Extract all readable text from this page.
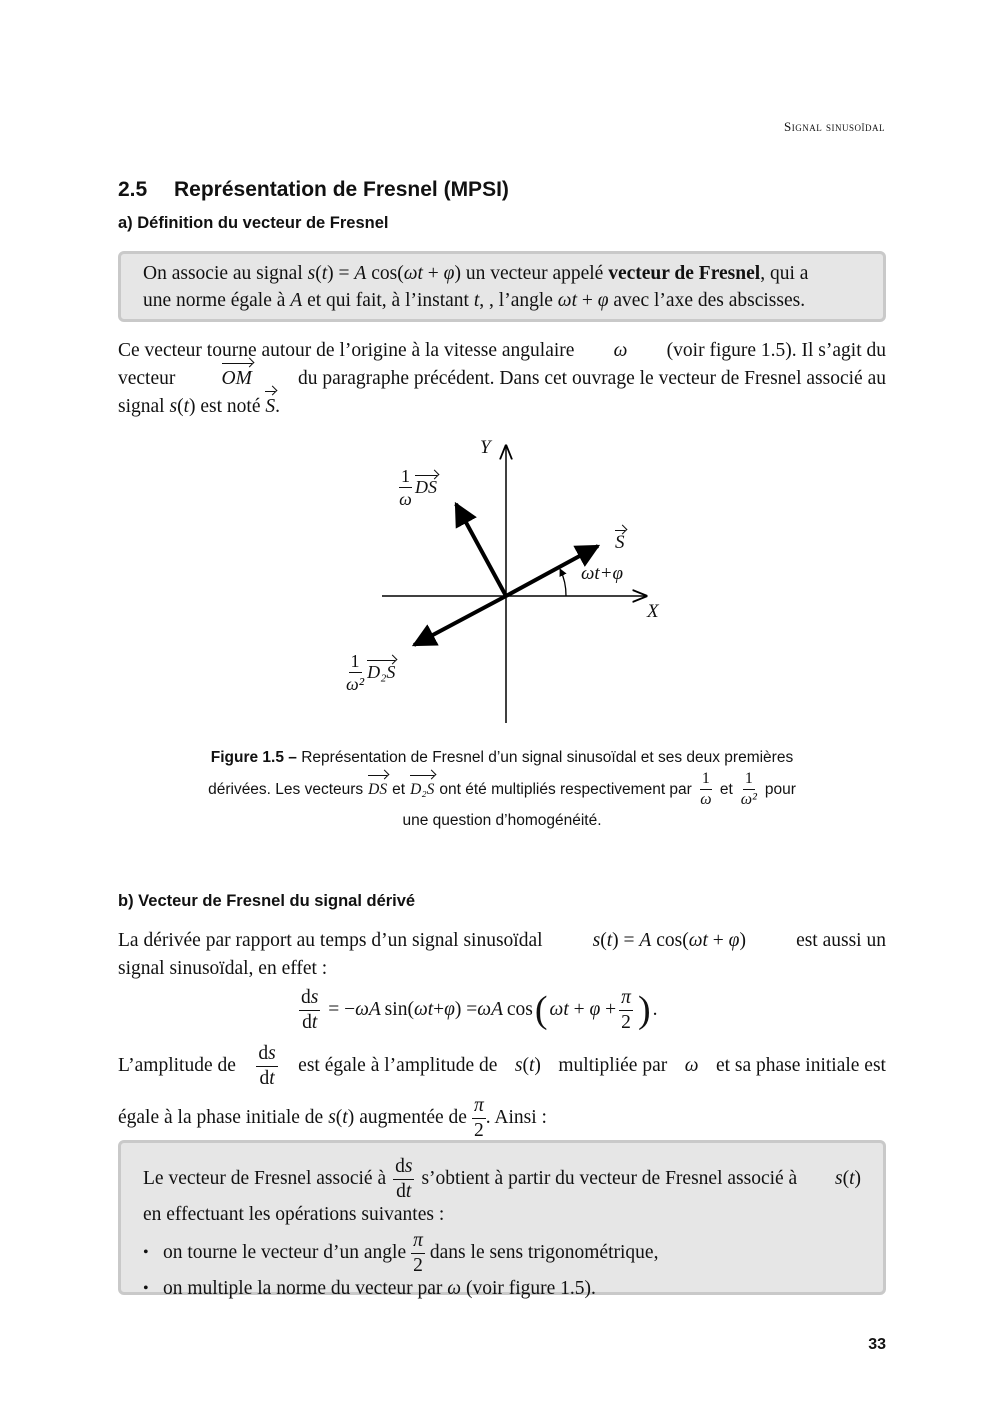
Signal sinusoïdal
2.5 Représentation de Fresnel (MPSI)
a) Définition du vecteur de Fresnel
On associe au signal s(t) = A cos(ωt + φ) un vecteur appelé vecteur de Fresnel, qui a
une norme égale à A et qui fait, à l’instant t, , l’angle ωt + φ avec l’axe des abscisses.
Ce vecteur tourne autour de l’origine à la vitesse angulaire ω (voir figure 1.5). Il s’agit du
vecteur OM du paragraphe précédent. Dans cet ouvrage le vecteur de Fresnel associé au
signal s(t) est noté S.
Y
X
S
ωt+φ
$\frac{1}{\omega}$ DS
$\frac{1}{\text{ω²}} D_2S$
Figure 1.5 – Représentation de Fresnel d’un signal sinusoïdal et ses deux premières
dérivées. Les vecteurs DS et D₂S ont été multipliés respectivement par $\frac{1}{\omega}$ et $\frac{1}{\text{ω²}}$ pour
une question d’homogénéité.
b) Vecteur de Fresnel du signal dérivé
La dérivée par rapport au temps d’un signal sinusoïdal	s(t) = A cos(ωt + φ)	est aussi un
signal sinusoïdal, en effet :
$\frac{ds}{dt}$ = − ωA  sin( ωt + φ ) = ωA  cos ( $\omega t + \varphi + \frac{\pi}{2}$ ) .
L’amplitude de $\frac{ds}{dt}$ est égale à l’amplitude de s(t) multipliée par ω et sa phase initiale est
égale à la phase initiale de s(t) augmentée de $\frac{\pi}{2}$ . Ainsi :
Le vecteur de Fresnel associé à $\frac{ds}{dt}$ s’obtient à partir du vecteur de Fresnel associé à s(t)
en effectuant les opérations suivantes :
• on tourne le vecteur d’un angle $\frac{\pi}{2}$ dans le sens trigonométrique,
• on multiple la norme du vecteur par
ω
(voir figure 1.5).
33
